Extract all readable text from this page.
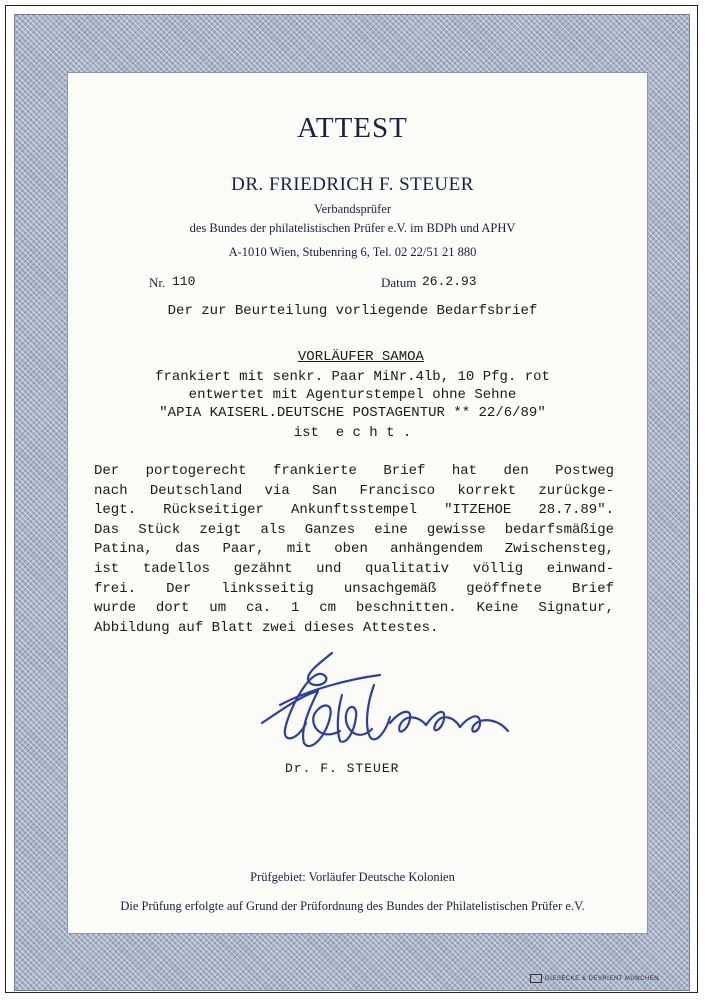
ATTEST
DR. FRIEDRICH F. STEUER
Verbandsprüfer
des Bundes der philatelistischen Prüfer e.V. im BDPh und APHV
A-1010 Wien, Stubenring 6, Tel. 02 22/51 21 880
Nr. 110	Datum 26.2.93
Der zur Beurteilung vorliegende Bedarfsbrief

VORLÄUFER SAMOA

frankiert mit senkr. Paar MiNr.4lb, 10 Pfg. rot
entwertet mit Agenturstempel ohne Sehne
"APIA KAISERL.DEUTSCHE POSTAGENTUR ** 22/6/89"
ist  e c h t .
Der portogerecht frankierte Brief hat den Postweg
nach Deutschland via San Francisco korrekt zurückge-
legt. Rückseitiger Ankunftsstempel "ITZEHOE 28.7.89".
Das Stück zeigt als Ganzes eine gewisse bedarfsmäßige
Patina, das Paar, mit oben anhängendem Zwischensteg,
ist tadellos gezähnt und qualitativ völlig einwand-
frei. Der linksseitig unsachgemäß geöffnete Brief
wurde dort um ca. 1 cm beschnitten. Keine Signatur,
Abbildung auf Blatt zwei dieses Attestes.
Dr. F. STEUER
Prüfgebiet: Vorläufer Deutsche Kolonien
Die Prüfung erfolgte auf Grund der Prüfordnung des Bundes der Philatelistischen Prüfer e.V.
GIESECKE & DEVRIENT MÜNCHEN
